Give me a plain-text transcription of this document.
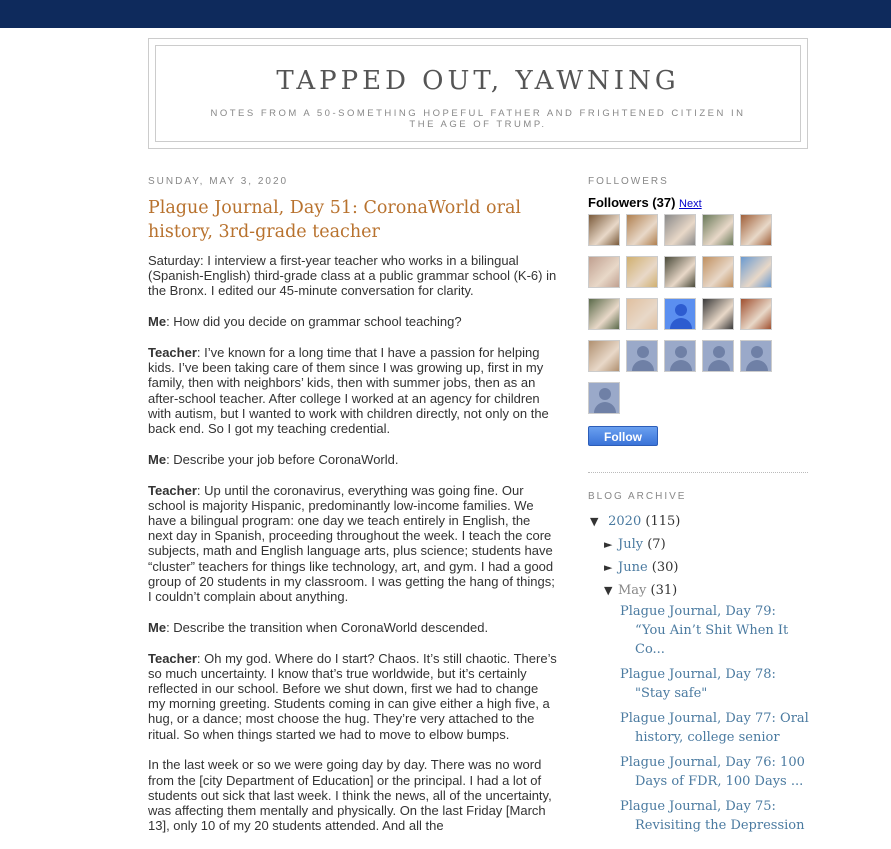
TAPPED OUT, YAWNING
NOTES FROM A 50-SOMETHING HOPEFUL FATHER AND FRIGHTENED CITIZEN IN THE AGE OF TRUMP.
SUNDAY, MAY 3, 2020
Plague Journal, Day 51: CoronaWorld oral history, 3rd-grade teacher

Saturday: I interview a first-year teacher who works in a bilingual (Spanish-English) third-grade class at a public grammar school (K-6) in the Bronx. I edited our 45-minute conversation for clarity.

Me: How did you decide on grammar school teaching?

Teacher: I’ve known for a long time that I have a passion for helping kids. I’ve been taking care of them since I was growing up, first in my family, then with neighbors’ kids, then with summer jobs, then as an after-school teacher. After college I worked at an agency for children with autism, but I wanted to work with children directly, not only on the back end. So I got my teaching credential.

Me: Describe your job before CoronaWorld.

Teacher: Up until the coronavirus, everything was going fine. Our school is majority Hispanic, predominantly low-income families. We have a bilingual program: one day we teach entirely in English, the next day in Spanish, proceeding throughout the week. I teach the core subjects, math and English language arts, plus science; students have “cluster” teachers for things like technology, art, and gym. I had a good group of 20 students in my classroom. I was getting the hang of things; I couldn’t complain about anything.

Me: Describe the transition when CoronaWorld descended.

Teacher: Oh my god. Where do I start? Chaos. It’s still chaotic. There’s so much uncertainty. I know that’s true worldwide, but it’s certainly reflected in our school. Before we shut down, first we had to change my morning greeting. Students coming in can give either a high five, a hug, or a dance; most choose the hug. They’re very attached to the ritual. So when things started we had to move to elbow bumps.

In the last week or so we were going day by day. There was no word from the [city Department of Education] or the principal. I had a lot of students out sick that last week. I think the news, all of the uncertainty, was affecting them mentally and physically. On the last Friday [March 13], only 10 of my 20 students attended. And all the

FOLLOWERS
Followers (37) Next
Follow
BLOG ARCHIVE
▼ 2020 (115)
► July (7)
► June (30)
▼ May (31)
Plague Journal, Day 79: “You Ain’t Shit When It Co...
Plague Journal, Day 78: "Stay safe"
Plague Journal, Day 77: Oral history, college senior
Plague Journal, Day 76: 100 Days of FDR, 100 Days ...
Plague Journal, Day 75: Revisiting the Depression
